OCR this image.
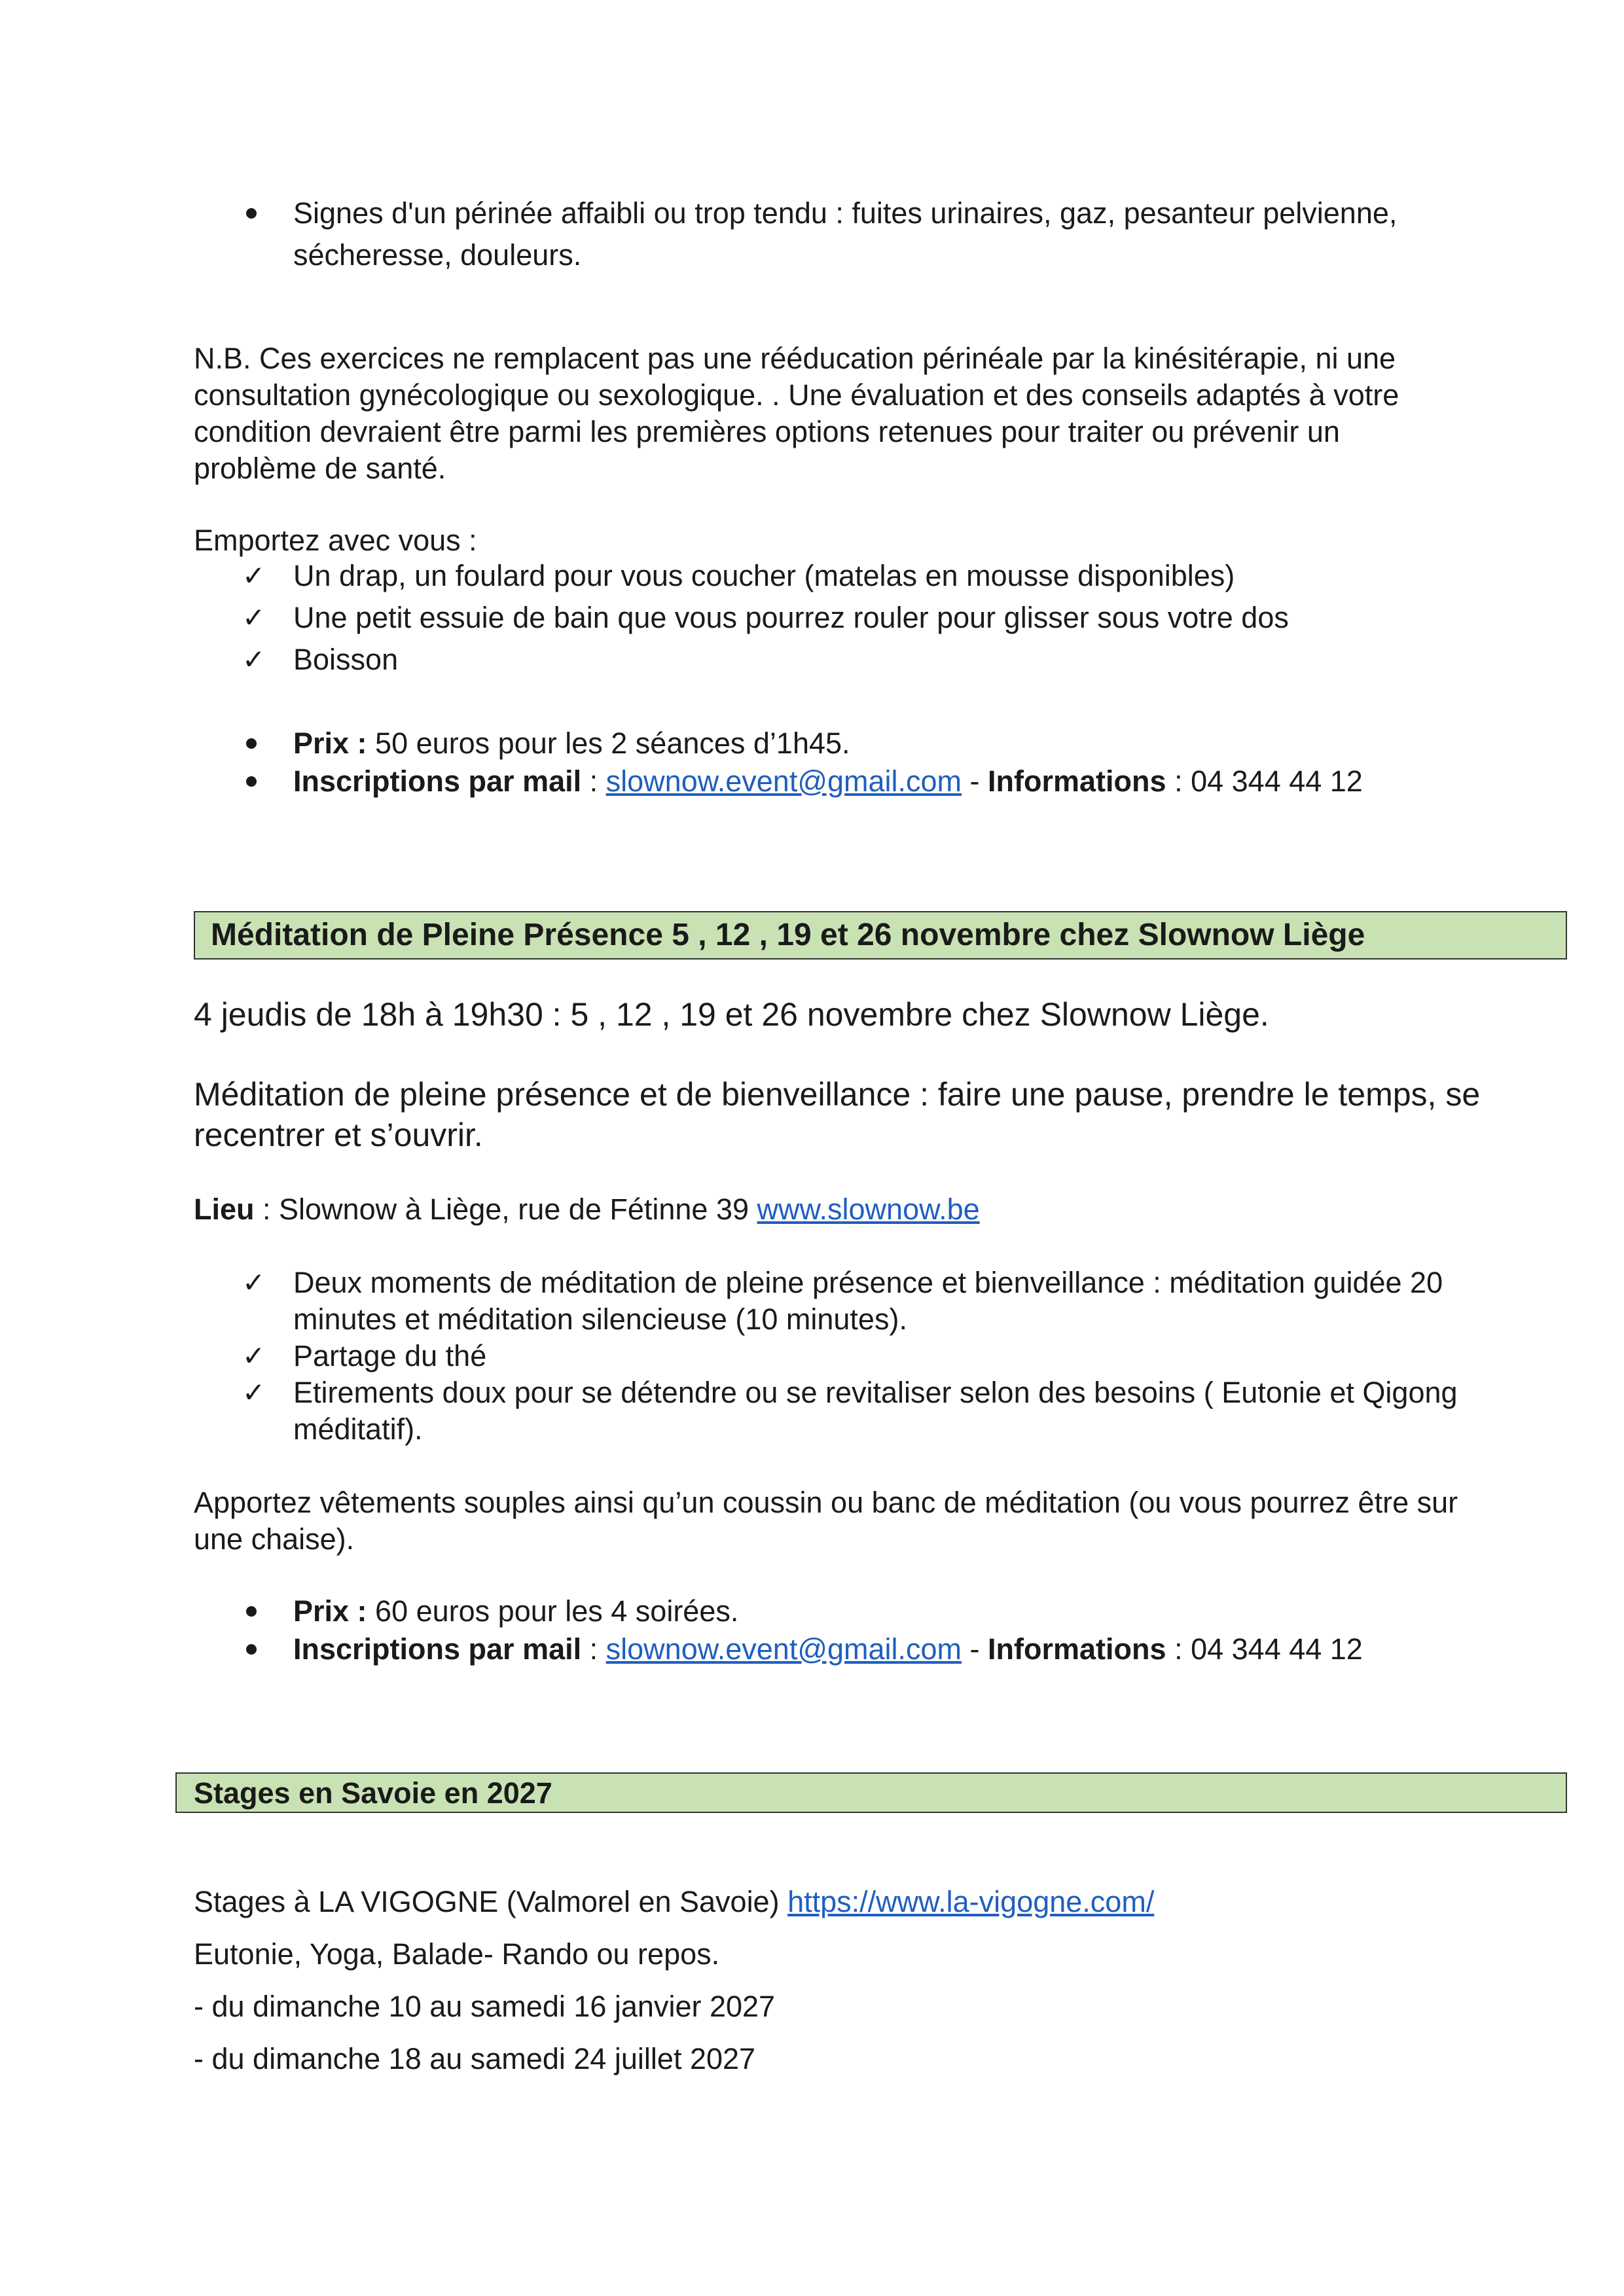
Signes d'un périnée affaibli ou trop tendu : fuites urinaires, gaz, pesanteur pelvienne,
sécheresse, douleurs.
N.B. Ces exercices ne remplacent pas une rééducation périnéale par la kinésitérapie, ni une
consultation gynécologique ou sexologique. . Une évaluation et des conseils adaptés à votre
condition devraient être parmi les premières options retenues pour traiter ou prévenir un
problème de santé.
Emportez avec vous :
✓ Un drap, un foulard pour vous coucher (matelas en mousse disponibles)
✓ Une petit essuie de bain que vous pourrez rouler pour glisser sous votre dos
✓ Boisson
Prix : 50 euros pour les 2 séances d’1h45.
Inscriptions par mail : slownow.event@gmail.com - Informations : 04 344 44 12
Méditation de Pleine Présence 5 , 12 , 19 et 26 novembre chez Slownow Liège
4 jeudis de 18h à 19h30 : 5 , 12 , 19 et 26 novembre chez Slownow Liège.
Méditation de pleine présence et de bienveillance : faire une pause, prendre le temps, se
recentrer et s’ouvrir.
Lieu : Slownow à Liège, rue de Fétinne 39 www.slownow.be
✓ Deux moments de méditation de pleine présence et bienveillance : méditation guidée 20
minutes et méditation silencieuse (10 minutes).
✓ Partage du thé
✓ Etirements doux pour se détendre ou se revitaliser selon des besoins ( Eutonie et Qigong
méditatif).
Apportez vêtements souples ainsi qu’un coussin ou banc de méditation (ou vous pourrez être sur
une chaise).
Prix : 60 euros pour les 4 soirées.
Inscriptions par mail : slownow.event@gmail.com - Informations : 04 344 44 12
Stages en Savoie en 2027
Stages à LA VIGOGNE (Valmorel en Savoie) https://www.la-vigogne.com/
Eutonie, Yoga, Balade- Rando ou repos.
- du dimanche 10 au samedi 16 janvier 2027
- du dimanche 18 au samedi 24 juillet 2027
